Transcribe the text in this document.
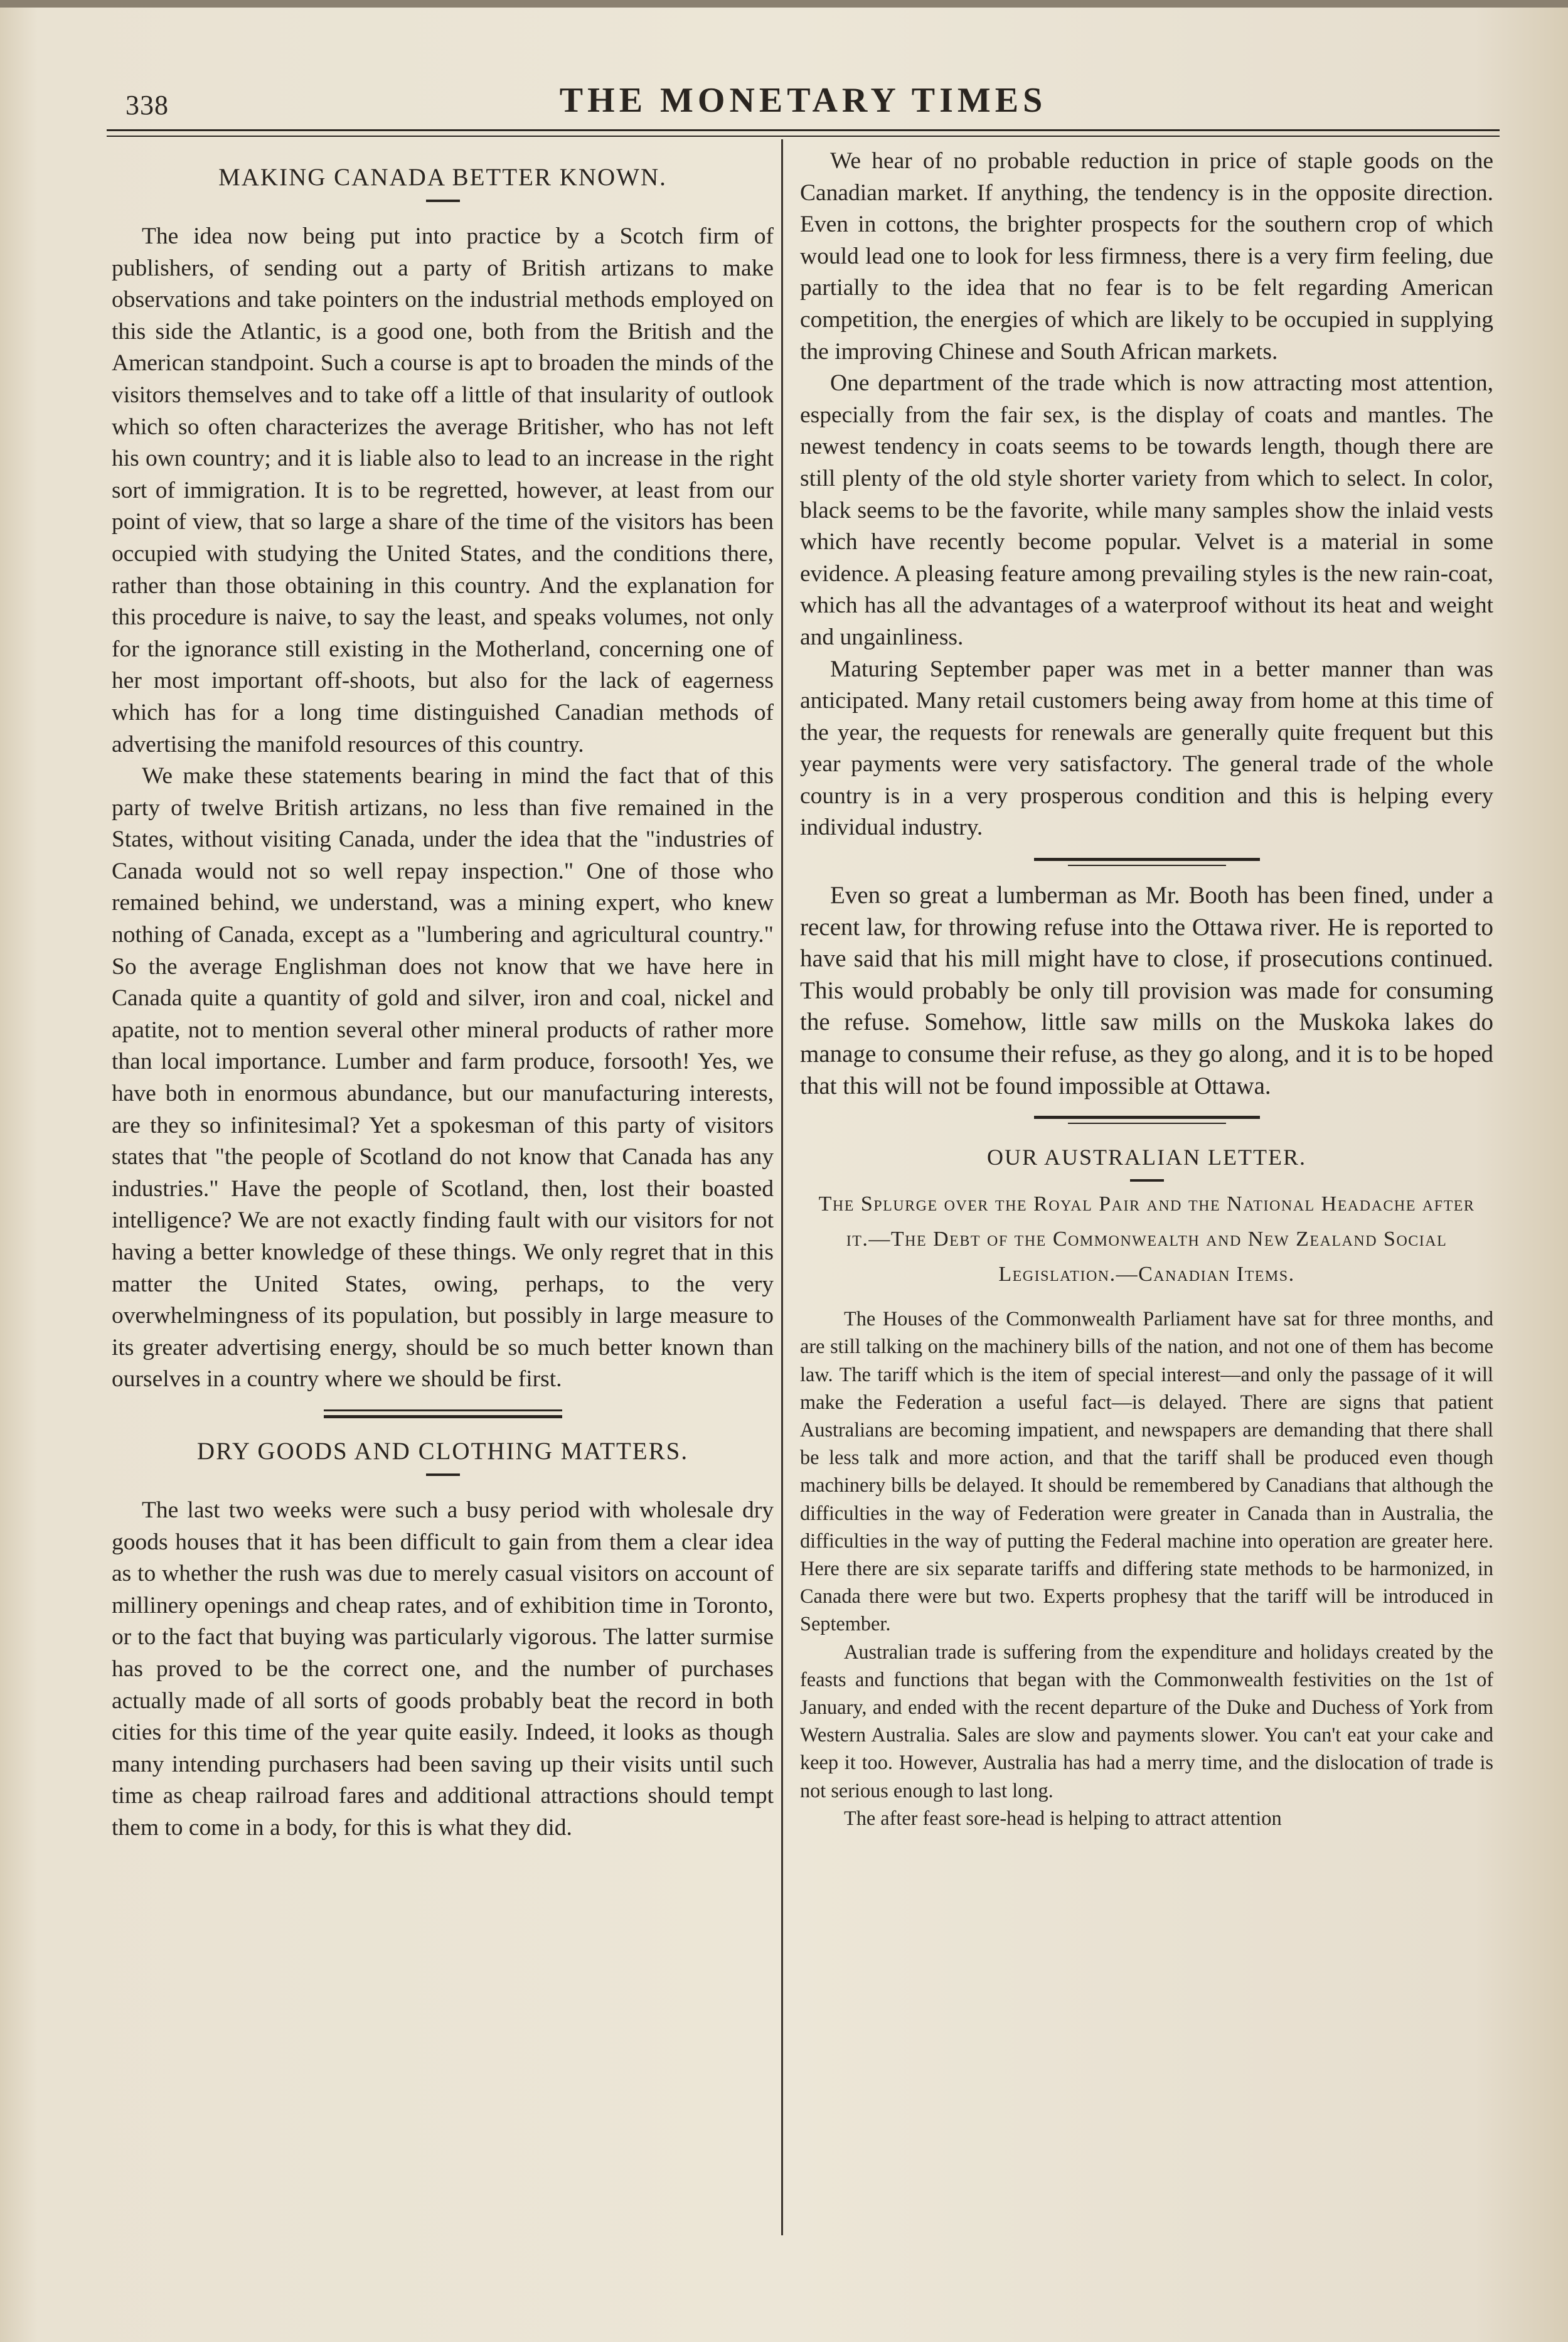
338	THE MONETARY TIMES
MAKING CANADA BETTER KNOWN.

The idea now being put into practice by a Scotch firm of publishers, of sending out a party of British artizans to make observations and take pointers on the industrial methods employed on this side the Atlantic, is a good one, both from the British and the American standpoint. Such a course is apt to broaden the minds of the visitors themselves and to take off a little of that insularity of outlook which so often characterizes the average Britisher, who has not left his own country; and it is liable also to lead to an increase in the right sort of immigration. It is to be regretted, however, at least from our point of view, that so large a share of the time of the visitors has been occupied with studying the United States, and the conditions there, rather than those obtaining in this country. And the explanation for this procedure is naive, to say the least, and speaks volumes, not only for the ignorance still existing in the Motherland, concerning one of her most important off-shoots, but also for the lack of eagerness which has for a long time distinguished Canadian methods of advertising the manifold resources of this country.

We make these statements bearing in mind the fact that of this party of twelve British artizans, no less than five remained in the States, without visiting Canada, under the idea that the "industries of Canada would not so well repay inspection." One of those who remained behind, we understand, was a mining expert, who knew nothing of Canada, except as a "lumbering and agricultural country." So the average Englishman does not know that we have here in Canada quite a quantity of gold and silver, iron and coal, nickel and apatite, not to mention several other mineral products of rather more than local importance. Lumber and farm produce, forsooth! Yes, we have both in enormous abundance, but our manufacturing interests, are they so infinitesimal? Yet a spokesman of this party of visitors states that "the people of Scotland do not know that Canada has any industries." Have the people of Scotland, then, lost their boasted intelligence? We are not exactly finding fault with our visitors for not having a better knowledge of these things. We only regret that in this matter the United States, owing, perhaps, to the very overwhelmingness of its population, but possibly in large measure to its greater advertising energy, should be so much better known than ourselves in a country where we should be first.

DRY GOODS AND CLOTHING MATTERS.

The last two weeks were such a busy period with wholesale dry goods houses that it has been difficult to gain from them a clear idea as to whether the rush was due to merely casual visitors on account of millinery openings and cheap rates, and of exhibition time in Toronto, or to the fact that buying was particularly vigorous. The latter surmise has proved to be the correct one, and the number of purchases actually made of all sorts of goods probably beat the record in both cities for this time of the year quite easily. Indeed, it looks as though many intending purchasers had been saving up their visits until such time as cheap railroad fares and additional attractions should tempt them to come in a body, for this is what they did.

We hear of no probable reduction in price of staple goods on the Canadian market. If anything, the tendency is in the opposite direction. Even in cottons, the brighter prospects for the southern crop of which would lead one to look for less firmness, there is a very firm feeling, due partially to the idea that no fear is to be felt regarding American competition, the energies of which are likely to be occupied in supplying the improving Chinese and South African markets.

One department of the trade which is now attracting most attention, especially from the fair sex, is the display of coats and mantles. The newest tendency in coats seems to be towards length, though there are still plenty of the old style shorter variety from which to select. In color, black seems to be the favorite, while many samples show the inlaid vests which have recently become popular. Velvet is a material in some evidence. A pleasing feature among prevailing styles is the new rain-coat, which has all the advantages of a waterproof without its heat and weight and ungainliness.

Maturing September paper was met in a better manner than was anticipated. Many retail customers being away from home at this time of the year, the requests for renewals are generally quite frequent but this year payments were very satisfactory. The general trade of the whole country is in a very prosperous condition and this is helping every individual industry.

Even so great a lumberman as Mr. Booth has been fined, under a recent law, for throwing refuse into the Ottawa river. He is reported to have said that his mill might have to close, if prosecutions continued. This would probably be only till provision was made for consuming the refuse. Somehow, little saw mills on the Muskoka lakes do manage to consume their refuse, as they go along, and it is to be hoped that this will not be found impossible at Ottawa.

OUR AUSTRALIAN LETTER.
The Splurge over the Royal Pair and the National Headache after it.—The Debt of the Commonwealth and New Zealand Social Legislation.—Canadian Items.

The Houses of the Commonwealth Parliament have sat for three months, and are still talking on the machinery bills of the nation, and not one of them has become law. The tariff which is the item of special interest—and only the passage of it will make the Federation a useful fact—is delayed. There are signs that patient Australians are becoming impatient, and newspapers are demanding that there shall be less talk and more action, and that the tariff shall be produced even though machinery bills be delayed. It should be remembered by Canadians that although the difficulties in the way of Federation were greater in Canada than in Australia, the difficulties in the way of putting the Federal machine into operation are greater here. Here there are six separate tariffs and differing state methods to be harmonized, in Canada there were but two. Experts prophesy that the tariff will be introduced in September.

Australian trade is suffering from the expenditure and holidays created by the feasts and functions that began with the Commonwealth festivities on the 1st of January, and ended with the recent departure of the Duke and Duchess of York from Western Australia. Sales are slow and payments slower. You can't eat your cake and keep it too. However, Australia has had a merry time, and the dislocation of trade is not serious enough to last long.

The after feast sore-head is helping to attract attention
